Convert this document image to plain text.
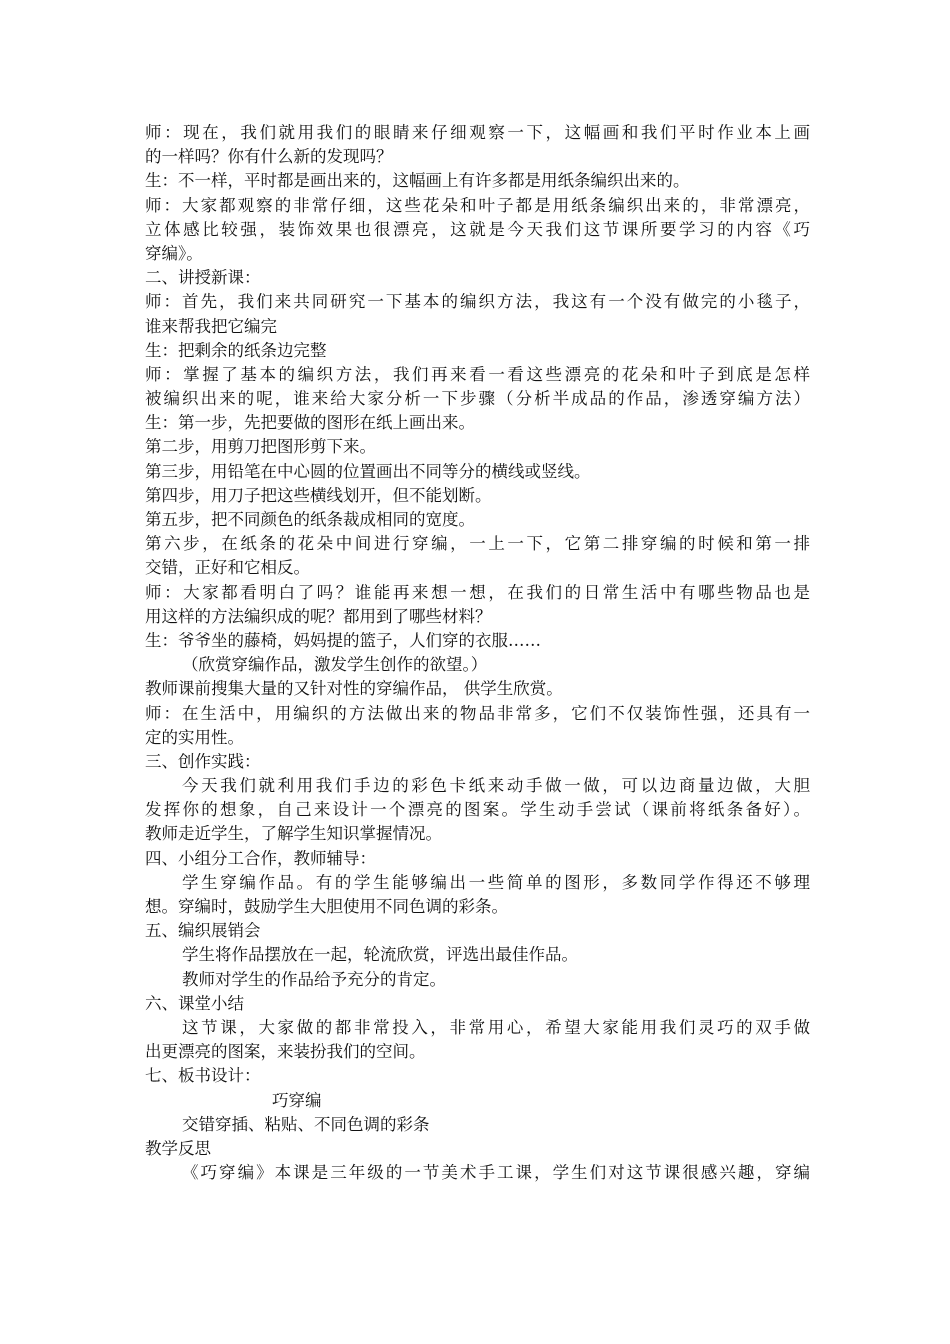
师：现在，我们就用我们的眼睛来仔细观察一下，这幅画和我们平时作业本上画
的一样吗？你有什么新的发现吗？
生：不一样，平时都是画出来的，这幅画上有许多都是用纸条编织出来的。
师：大家都观察的非常仔细，这些花朵和叶子都是用纸条编织出来的，非常漂亮，
立体感比较强，装饰效果也很漂亮，这就是今天我们这节课所要学习的内容《巧
穿编》。
二、讲授新课：
师：首先，我们来共同研究一下基本的编织方法，我这有一个没有做完的小毯子，
谁来帮我把它编完
生：把剩余的纸条边完整
师：掌握了基本的编织方法，我们再来看一看这些漂亮的花朵和叶子到底是怎样
被编织出来的呢，谁来给大家分析一下步骤（分析半成品的作品，渗透穿编方法）
生：第一步，先把要做的图形在纸上画出来。
第二步，用剪刀把图形剪下来。
第三步，用铅笔在中心圆的位置画出不同等分的横线或竖线。
第四步，用刀子把这些横线划开，但不能划断。
第五步，把不同颜色的纸条裁成相同的宽度。
第六步，在纸条的花朵中间进行穿编，一上一下，它第二排穿编的时候和第一排
交错，正好和它相反。
师：大家都看明白了吗？谁能再来想一想，在我们的日常生活中有哪些物品也是
用这样的方法编织成的呢？都用到了哪些材料？
生：爷爷坐的藤椅，妈妈提的篮子，人们穿的衣服……
（欣赏穿编作品，激发学生创作的欲望。）
教师课前搜集大量的又针对性的穿编作品， 供学生欣赏。
师：在生活中，用编织的方法做出来的物品非常多，它们不仅装饰性强，还具有一
定的实用性。
三、创作实践：
今天我们就利用我们手边的彩色卡纸来动手做一做，可以边商量边做，大胆
发挥你的想象，自己来设计一个漂亮的图案。学生动手尝试（课前将纸条备好）。
教师走近学生，了解学生知识掌握情况。
四、小组分工合作，教师辅导：
学生穿编作品。有的学生能够编出一些简单的图形，多数同学作得还不够理
想。穿编时，鼓励学生大胆使用不同色调的彩条。
五、编织展销会
学生将作品摆放在一起，轮流欣赏，评选出最佳作品。
教师对学生的作品给予充分的肯定。
六、课堂小结
这节课，大家做的都非常投入，非常用心，希望大家能用我们灵巧的双手做
出更漂亮的图案，来装扮我们的空间。
七、板书设计：
巧穿编
交错穿插、粘贴、不同色调的彩条
教学反思
《巧穿编》本课是三年级的一节美术手工课，学生们对这节课很感兴趣，穿编
